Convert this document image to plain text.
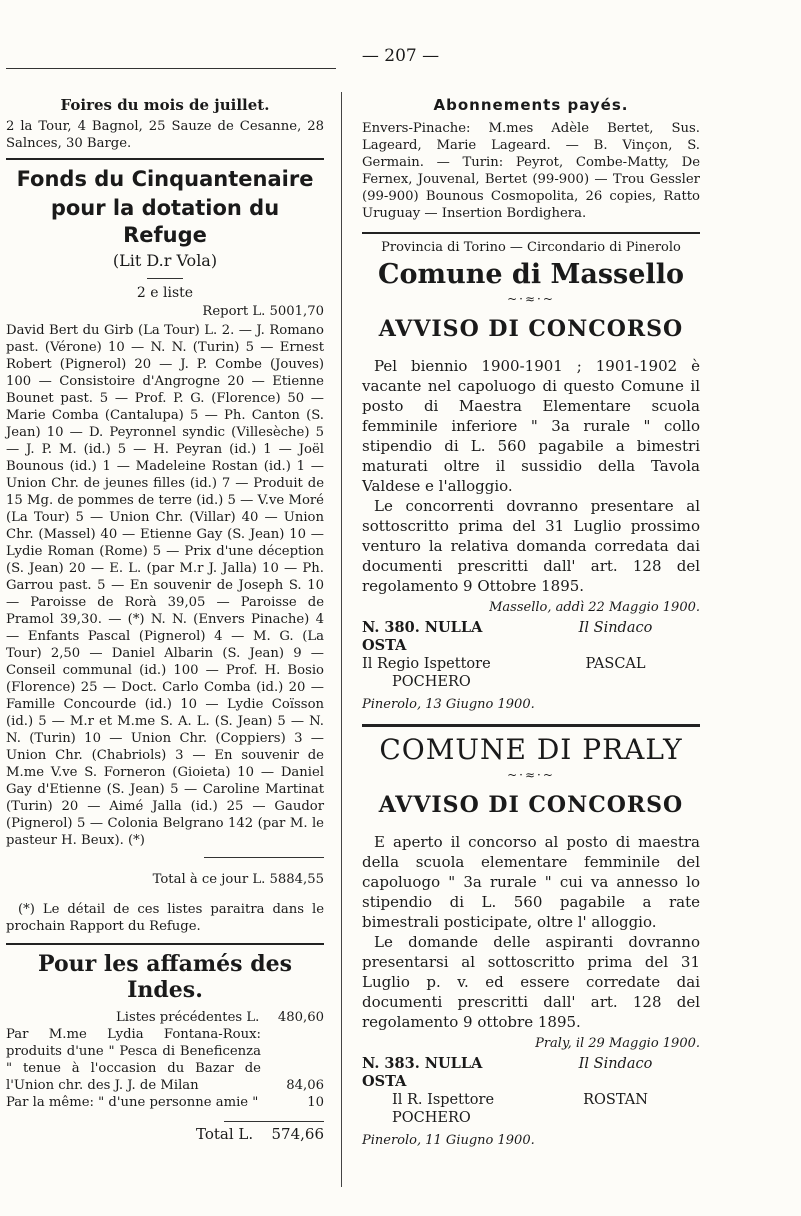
— 207 —

Foires du mois de juillet.

2 la Tour, 4 Bagnol, 25 Sauze de Cesanne, 28 Salnces, 30 Barge.

Fonds du Cinquantenaire
pour la dotation du Refuge

(Lit D.r Vola)

2 e liste

Report L. 5001,70

David Bert du Girb (La Tour) L. 2. — J. Romano past. (Vérone) 10 — N. N. (Turin) 5 — Ernest Robert (Pignerol) 20 — J. P. Combe (Jouves) 100 — Consistoire d'Angrogne 20 — Etienne Bounet past. 5 — Prof. P. G. (Florence) 50 — Marie Comba (Cantalupa) 5 — Ph. Canton (S. Jean) 10 — D. Peyronnel syndic (Villesèche) 5 — J. P. M. (id.) 5 — H. Peyran (id.) 1 — Joël Bounous (id.) 1 — Madeleine Rostan (id.) 1 — Union Chr. de jeunes filles (id.) 7 — Produit de 15 Mg. de pommes de terre (id.) 5 — V.ve Moré (La Tour) 5 — Union Chr. (Villar) 40 — Union Chr. (Massel) 40 — Etienne Gay (S. Jean) 10 — Lydie Roman (Rome) 5 — Prix d'une déception (S. Jean) 20 — E. L. (par M.r J. Jalla) 10 — Ph. Garrou past. 5 — En souvenir de Joseph S. 10 — Paroisse de Rorà 39,05 — Paroisse de Pramol 39,30. — (*) N. N. (Envers Pinache) 4 — Enfants Pascal (Pignerol) 4 — M. G. (La Tour) 2,50 — Daniel Albarin (S. Jean) 9 — Conseil communal (id.) 100 — Prof. H. Bosio (Florence) 25 — Doct. Carlo Comba (id.) 20 — Famille Concourde (id.) 10 — Lydie Coïsson (id.) 5 — M.r et M.me S. A. L. (S. Jean) 5 — N. N. (Turin) 10 — Union Chr. (Coppiers) 3 — Union Chr. (Chabriols) 3 — En souvenir de M.me V.ve S. Forneron (Gioieta) 10 — Daniel Gay d'Etienne (S. Jean) 5 — Caroline Martinat (Turin) 20 — Aimé Jalla (id.) 25 — Gaudor (Pignerol) 5 — Colonia Belgrano 142 (par M. le pasteur H. Beux). (*)

Total à ce jour L. 5884,55

(*) Le détail de ces listes paraitra dans le prochain Rapport du Refuge.

Pour les affamés des Indes.
Listes précédentes L. 480,60
Par M.me Lydia Fontana-Roux: produits d'une " Pesca di Beneficenza " tenue à l'occasion du Bazar de l'Union chr. des J. J. de Milan	84,06
Par la même: " d'une personne amie "	10
Total L. 574,66

Abonnements payés.

Envers-Pinache: M.mes Adèle Bertet, Sus. Lageard, Marie Lageard. — B. Vinçon, S. Germain. — Turin: Peyrot, Combe-Matty, De Fernex, Jouvenal, Bertet (99-900) — Trou Gessler (99-900) Bounous Cosmopolita, 26 copies, Ratto Uruguay — Insertion Bordighera.

Provincia di Torino — Circondario di Pinerolo

Comune di Massello
~·≈·~
AVVISO DI CONCORSO

Pel biennio 1900-1901 ; 1901-1902 è vacante nel capoluogo di questo Comune il posto di Maestra Elementare scuola femminile inferiore " 3a rurale " collo stipendio di L. 560 pagabile a bimestri maturati oltre il sussidio della Tavola Valdese e l'alloggio.

Le concorrenti dovranno presentare al sottoscritto prima del 31 Luglio prossimo venturo la relativa domanda corredata dai documenti prescritti dall' art. 128 del regolamento 9 Ottobre 1895.

Massello, addì 22 Maggio 1900.

N. 380. NULLA OSTA
Il Sindaco
Il Regio Ispettore	PASCAL
POCHERO

Pinerolo, 13 Giugno 1900.

COMUNE DI PRALY
~·≈·~
AVVISO DI CONCORSO

E aperto il concorso al posto di maestra della scuola elementare femminile del capoluogo " 3a rurale " cui va annesso lo stipendio di L. 560 pagabile a rate bimestrali posticipate, oltre l' alloggio.

Le domande delle aspiranti dovranno presentarsi al sottoscritto prima del 31 Luglio p. v. ed essere corredate dai documenti prescritti dall' art. 128 del regolamento 9 ottobre 1895.

Praly, il 29 Maggio 1900.

N. 383. NULLA OSTA
Il Sindaco
Il R. Ispettore	ROSTAN
POCHERO

Pinerolo, 11 Giugno 1900.
